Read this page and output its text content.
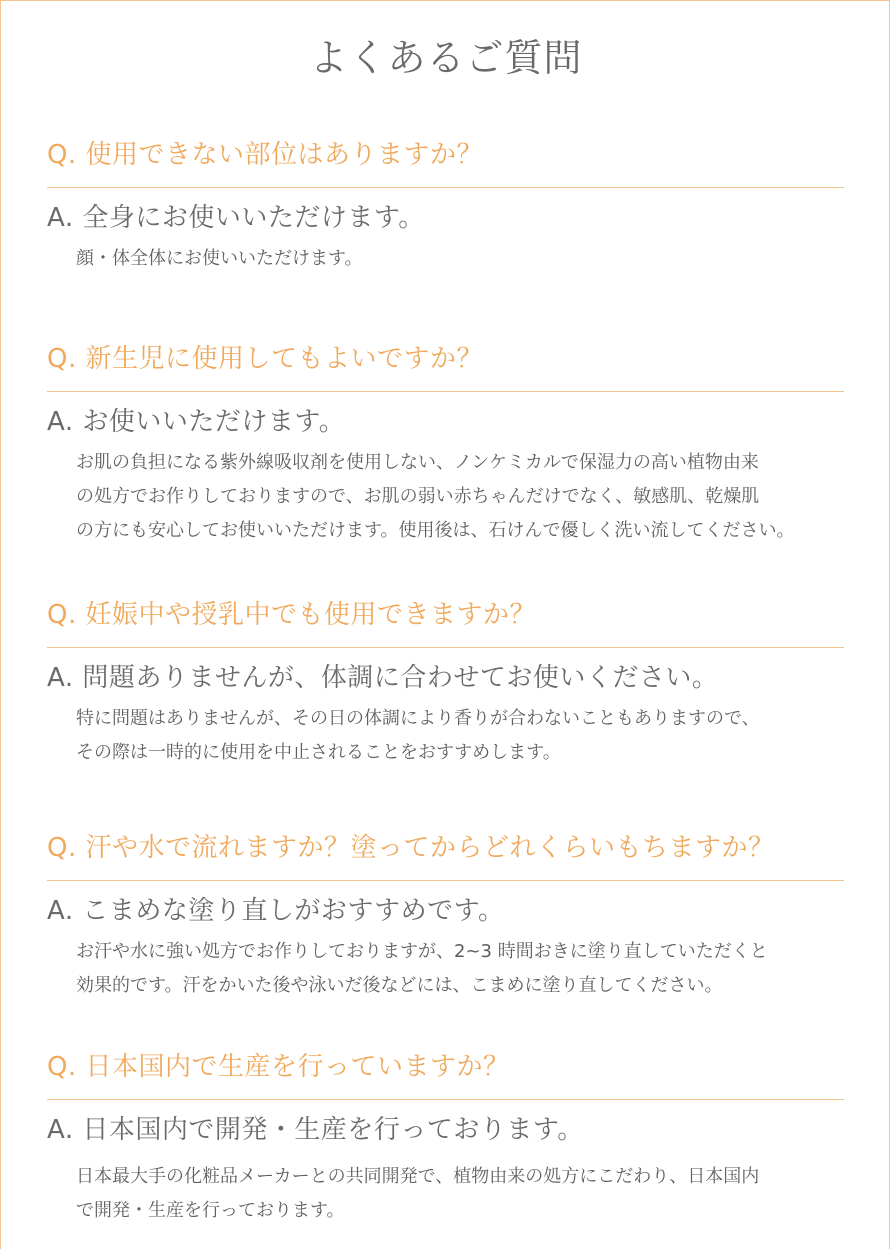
よくあるご質問
Q. 使用できない部位はありますか？
A. 全身にお使いいただけます。

顔・体全体にお使いいただけます。

Q. 新生児に使用してもよいですか？
A. お使いいただけます。

お肌の負担になる紫外線吸収剤を使用しない、ノンケミカルで保湿力の高い植物由来

の処方でお作りしておりますので、お肌の弱い赤ちゃんだけでなく、敏感肌、乾燥肌

の方にも安心してお使いいただけます。使用後は、石けんで優しく洗い流してください。

Q. 妊娠中や授乳中でも使用できますか？
A. 問題ありませんが、体調に合わせてお使いください。

特に問題はありませんが、その日の体調により香りが合わないこともありますので、

その際は一時的に使用を中止されることをおすすめします。

Q. 汗や水で流れますか？塗ってからどれくらいもちますか？
A. こまめな塗り直しがおすすめです。

お汗や水に強い処方でお作りしておりますが、2~3 時間おきに塗り直していただくと

効果的です。汗をかいた後や泳いだ後などには、こまめに塗り直してください。

Q. 日本国内で生産を行っていますか？
A. 日本国内で開発・生産を行っております。

日本最大手の化粧品メーカーとの共同開発で、植物由来の処方にこだわり、日本国内

で開発・生産を行っております。
